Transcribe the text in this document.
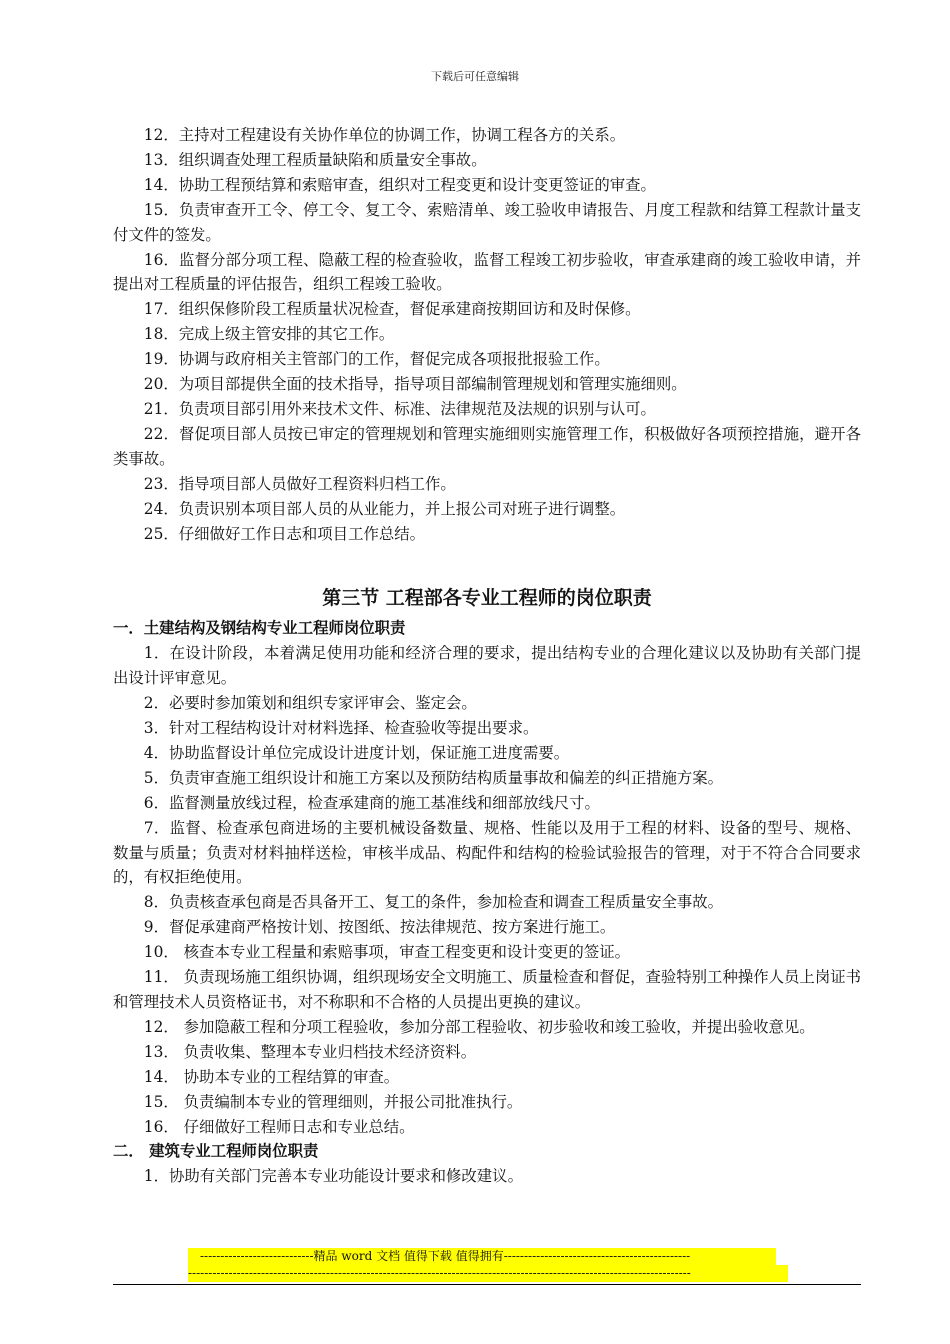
下载后可任意编辑

12．主持对工程建设有关协作单位的协调工作，协调工程各方的关系。

13．组织调查处理工程质量缺陷和质量安全事故。

14．协助工程预结算和索赔审查，组织对工程变更和设计变更签证的审查。

15．负责审查开工令、停工令、复工令、索赔清单、竣工验收申请报告、月度工程款和结算工程款计量支付文件的签发。

16．监督分部分项工程、隐蔽工程的检查验收，监督工程竣工初步验收，审查承建商的竣工验收申请，并提出对工程质量的评估报告，组织工程竣工验收。

17．组织保修阶段工程质量状况检查，督促承建商按期回访和及时保修。

18．完成上级主管安排的其它工作。

19．协调与政府相关主管部门的工作，督促完成各项报批报验工作。

20．为项目部提供全面的技术指导，指导项目部编制管理规划和管理实施细则。

21．负责项目部引用外来技术文件、标准、法律规范及法规的识别与认可。

22．督促项目部人员按已审定的管理规划和管理实施细则实施管理工作，积极做好各项预控措施，避开各类事故。

23．指导项目部人员做好工程资料归档工作。

24．负责识别本项目部人员的从业能力，并上报公司对班子进行调整。

25．仔细做好工作日志和项目工作总结。

第三节 工程部各专业工程师的岗位职责
一．土建结构及钢结构专业工程师岗位职责

1．在设计阶段，本着满足使用功能和经济合理的要求，提出结构专业的合理化建议以及协助有关部门提出设计评审意见。

2．必要时参加策划和组织专家评审会、鉴定会。

3．针对工程结构设计对材料选择、检查验收等提出要求。

4．协助监督设计单位完成设计进度计划，保证施工进度需要。

5．负责审查施工组织设计和施工方案以及预防结构质量事故和偏差的纠正措施方案。

6．监督测量放线过程，检查承建商的施工基准线和细部放线尺寸。

7．监督、检查承包商进场的主要机械设备数量、规格、性能以及用于工程的材料、设备的型号、规格、数量与质量；负责对材料抽样送检，审核半成品、构配件和结构的检验试验报告的管理，对于不符合合同要求的，有权拒绝使用。

8．负责核查承包商是否具备开工、复工的条件，参加检查和调查工程质量安全事故。

9．督促承建商严格按计划、按图纸、按法律规范、按方案进行施工。

10． 核查本专业工程量和索赔事项，审查工程变更和设计变更的签证。

11． 负责现场施工组织协调，组织现场安全文明施工、质量检查和督促，查验特别工种操作人员上岗证书和管理技术人员资格证书，对不称职和不合格的人员提出更换的建议。

12． 参加隐蔽工程和分项工程验收，参加分部工程验收、初步验收和竣工验收，并提出验收意见。

13． 负责收集、整理本专业归档技术经济资料。

14． 协助本专业的工程结算的审查。

15． 负责编制本专业的管理细则，并报公司批准执行。

16． 仔细做好工程师日志和专业总结。

二． 建筑专业工程师岗位职责

1．协助有关部门完善本专业功能设计要求和修改建议。

----------------------------精品 word 文档 值得下载 值得拥有----------------------------------------------
----------------------------------------------------------------------------------------------------------------------------
